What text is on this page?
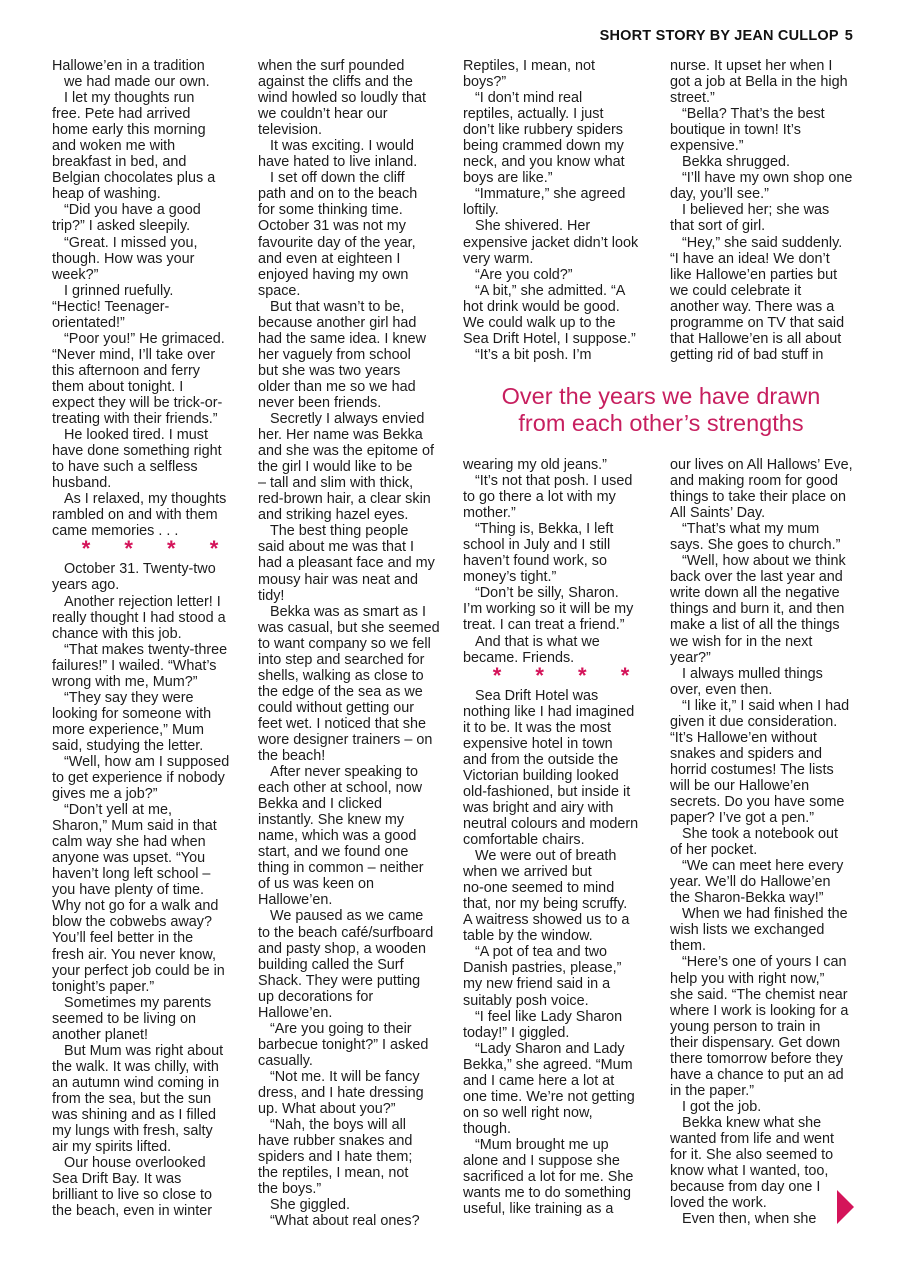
SHORT STORY BY JEAN CULLOP 5

Hallowe’en in a tradition

we had made our own.

I let my thoughts run

free. Pete had arrived

home early this morning

and woken me with

breakfast in bed, and

Belgian chocolates plus a

heap of washing.

“Did you have a good

trip?” I asked sleepily.

“Great. I missed you,

though. How was your

week?”

I grinned ruefully.

“Hectic! Teenager-

orientated!”

“Poor you!” He grimaced.

“Never mind, I’ll take over

this afternoon and ferry

them about tonight. I

expect they will be trick-or-

treating with their friends.”

He looked tired. I must

have done something right

to have such a selfless

husband.

As I relaxed, my thoughts

rambled on and with them

came memories . . .

* * * *

October 31. Twenty-two

years ago.

Another rejection letter! I

really thought I had stood a

chance with this job.

“That makes twenty-three

failures!” I wailed. “What’s

wrong with me, Mum?”

“They say they were

looking for someone with

more experience,” Mum

said, studying the letter.

“Well, how am I supposed

to get experience if nobody

gives me a job?”

“Don’t yell at me,

Sharon,” Mum said in that

calm way she had when

anyone was upset. “You

haven’t long left school –

you have plenty of time.

Why not go for a walk and

blow the cobwebs away?

You’ll feel better in the

fresh air. You never know,

your perfect job could be in

tonight’s paper.”

Sometimes my parents

seemed to be living on

another planet!

But Mum was right about

the walk. It was chilly, with

an autumn wind coming in

from the sea, but the sun

was shining and as I filled

my lungs with fresh, salty

air my spirits lifted.

Our house overlooked

Sea Drift Bay. It was

brilliant to live so close to

the beach, even in winter

when the surf pounded

against the cliffs and the

wind howled so loudly that

we couldn’t hear our

television.

It was exciting. I would

have hated to live inland.

I set off down the cliff

path and on to the beach

for some thinking time.

October 31 was not my

favourite day of the year,

and even at eighteen I

enjoyed having my own

space.

But that wasn’t to be,

because another girl had

had the same idea. I knew

her vaguely from school

but she was two years

older than me so we had

never been friends.

Secretly I always envied

her. Her name was Bekka

and she was the epitome of

the girl I would like to be

– tall and slim with thick,

red-brown hair, a clear skin

and striking hazel eyes.

The best thing people

said about me was that I

had a pleasant face and my

mousy hair was neat and

tidy!

Bekka was as smart as I

was casual, but she seemed

to want company so we fell

into step and searched for

shells, walking as close to

the edge of the sea as we

could without getting our

feet wet. I noticed that she

wore designer trainers – on

the beach!

After never speaking to

each other at school, now

Bekka and I clicked

instantly. She knew my

name, which was a good

start, and we found one

thing in common – neither

of us was keen on

Hallowe’en.

We paused as we came

to the beach café/surfboard

and pasty shop, a wooden

building called the Surf

Shack. They were putting

up decorations for

Hallowe’en.

“Are you going to their

barbecue tonight?” I asked

casually.

“Not me. It will be fancy

dress, and I hate dressing

up. What about you?”

“Nah, the boys will all

have rubber snakes and

spiders and I hate them;

the reptiles, I mean, not

the boys.”

She giggled.

“What about real ones?

Reptiles, I mean, not

boys?”

“I don’t mind real

reptiles, actually. I just

don’t like rubbery spiders

being crammed down my

neck, and you know what

boys are like.”

“Immature,” she agreed

loftily.

She shivered. Her

expensive jacket didn’t look

very warm.

“Are you cold?”

“A bit,” she admitted. “A

hot drink would be good.

We could walk up to the

Sea Drift Hotel, I suppose.”

“It’s a bit posh. I’m

nurse. It upset her when I

got a job at Bella in the high

street.”

“Bella? That’s the best

boutique in town! It’s

expensive.”

Bekka shrugged.

“I’ll have my own shop one

day, you’ll see.”

I believed her; she was

that sort of girl.

“Hey,” she said suddenly.

“I have an idea! We don’t

like Hallowe’en parties but

we could celebrate it

another way. There was a

programme on TV that said

that Hallowe’en is all about

getting rid of bad stuff in

Over the years we have drawn
from each other’s strengths

wearing my old jeans.”

“It’s not that posh. I used

to go there a lot with my

mother.”

“Thing is, Bekka, I left

school in July and I still

haven’t found work, so

money’s tight.”

“Don’t be silly, Sharon.

I’m working so it will be my

treat. I can treat a friend.”

And that is what we

became. Friends.

* * * *

Sea Drift Hotel was

nothing like I had imagined

it to be. It was the most

expensive hotel in town

and from the outside the

Victorian building looked

old-fashioned, but inside it

was bright and airy with

neutral colours and modern

comfortable chairs.

We were out of breath

when we arrived but

no-one seemed to mind

that, nor my being scruffy.

A waitress showed us to a

table by the window.

“A pot of tea and two

Danish pastries, please,”

my new friend said in a

suitably posh voice.

“I feel like Lady Sharon

today!” I giggled.

“Lady Sharon and Lady

Bekka,” she agreed. “Mum

and I came here a lot at

one time. We’re not getting

on so well right now,

though.

“Mum brought me up

alone and I suppose she

sacrificed a lot for me. She

wants me to do something

useful, like training as a

our lives on All Hallows’ Eve,

and making room for good

things to take their place on

All Saints’ Day.

“That’s what my mum

says. She goes to church.”

“Well, how about we think

back over the last year and

write down all the negative

things and burn it, and then

make a list of all the things

we wish for in the next

year?”

I always mulled things

over, even then.

“I like it,” I said when I had

given it due consideration.

“It’s Hallowe’en without

snakes and spiders and

horrid costumes! The lists

will be our Hallowe’en

secrets. Do you have some

paper? I’ve got a pen.”

She took a notebook out

of her pocket.

“We can meet here every

year. We’ll do Hallowe’en

the Sharon-Bekka way!”

When we had finished the

wish lists we exchanged

them.

“Here’s one of yours I can

help you with right now,”

she said. “The chemist near

where I work is looking for a

young person to train in

their dispensary. Get down

there tomorrow before they

have a chance to put an ad

in the paper.”

I got the job.

Bekka knew what she

wanted from life and went

for it. She also seemed to

know what I wanted, too,

because from day one I

loved the work.

Even then, when she
